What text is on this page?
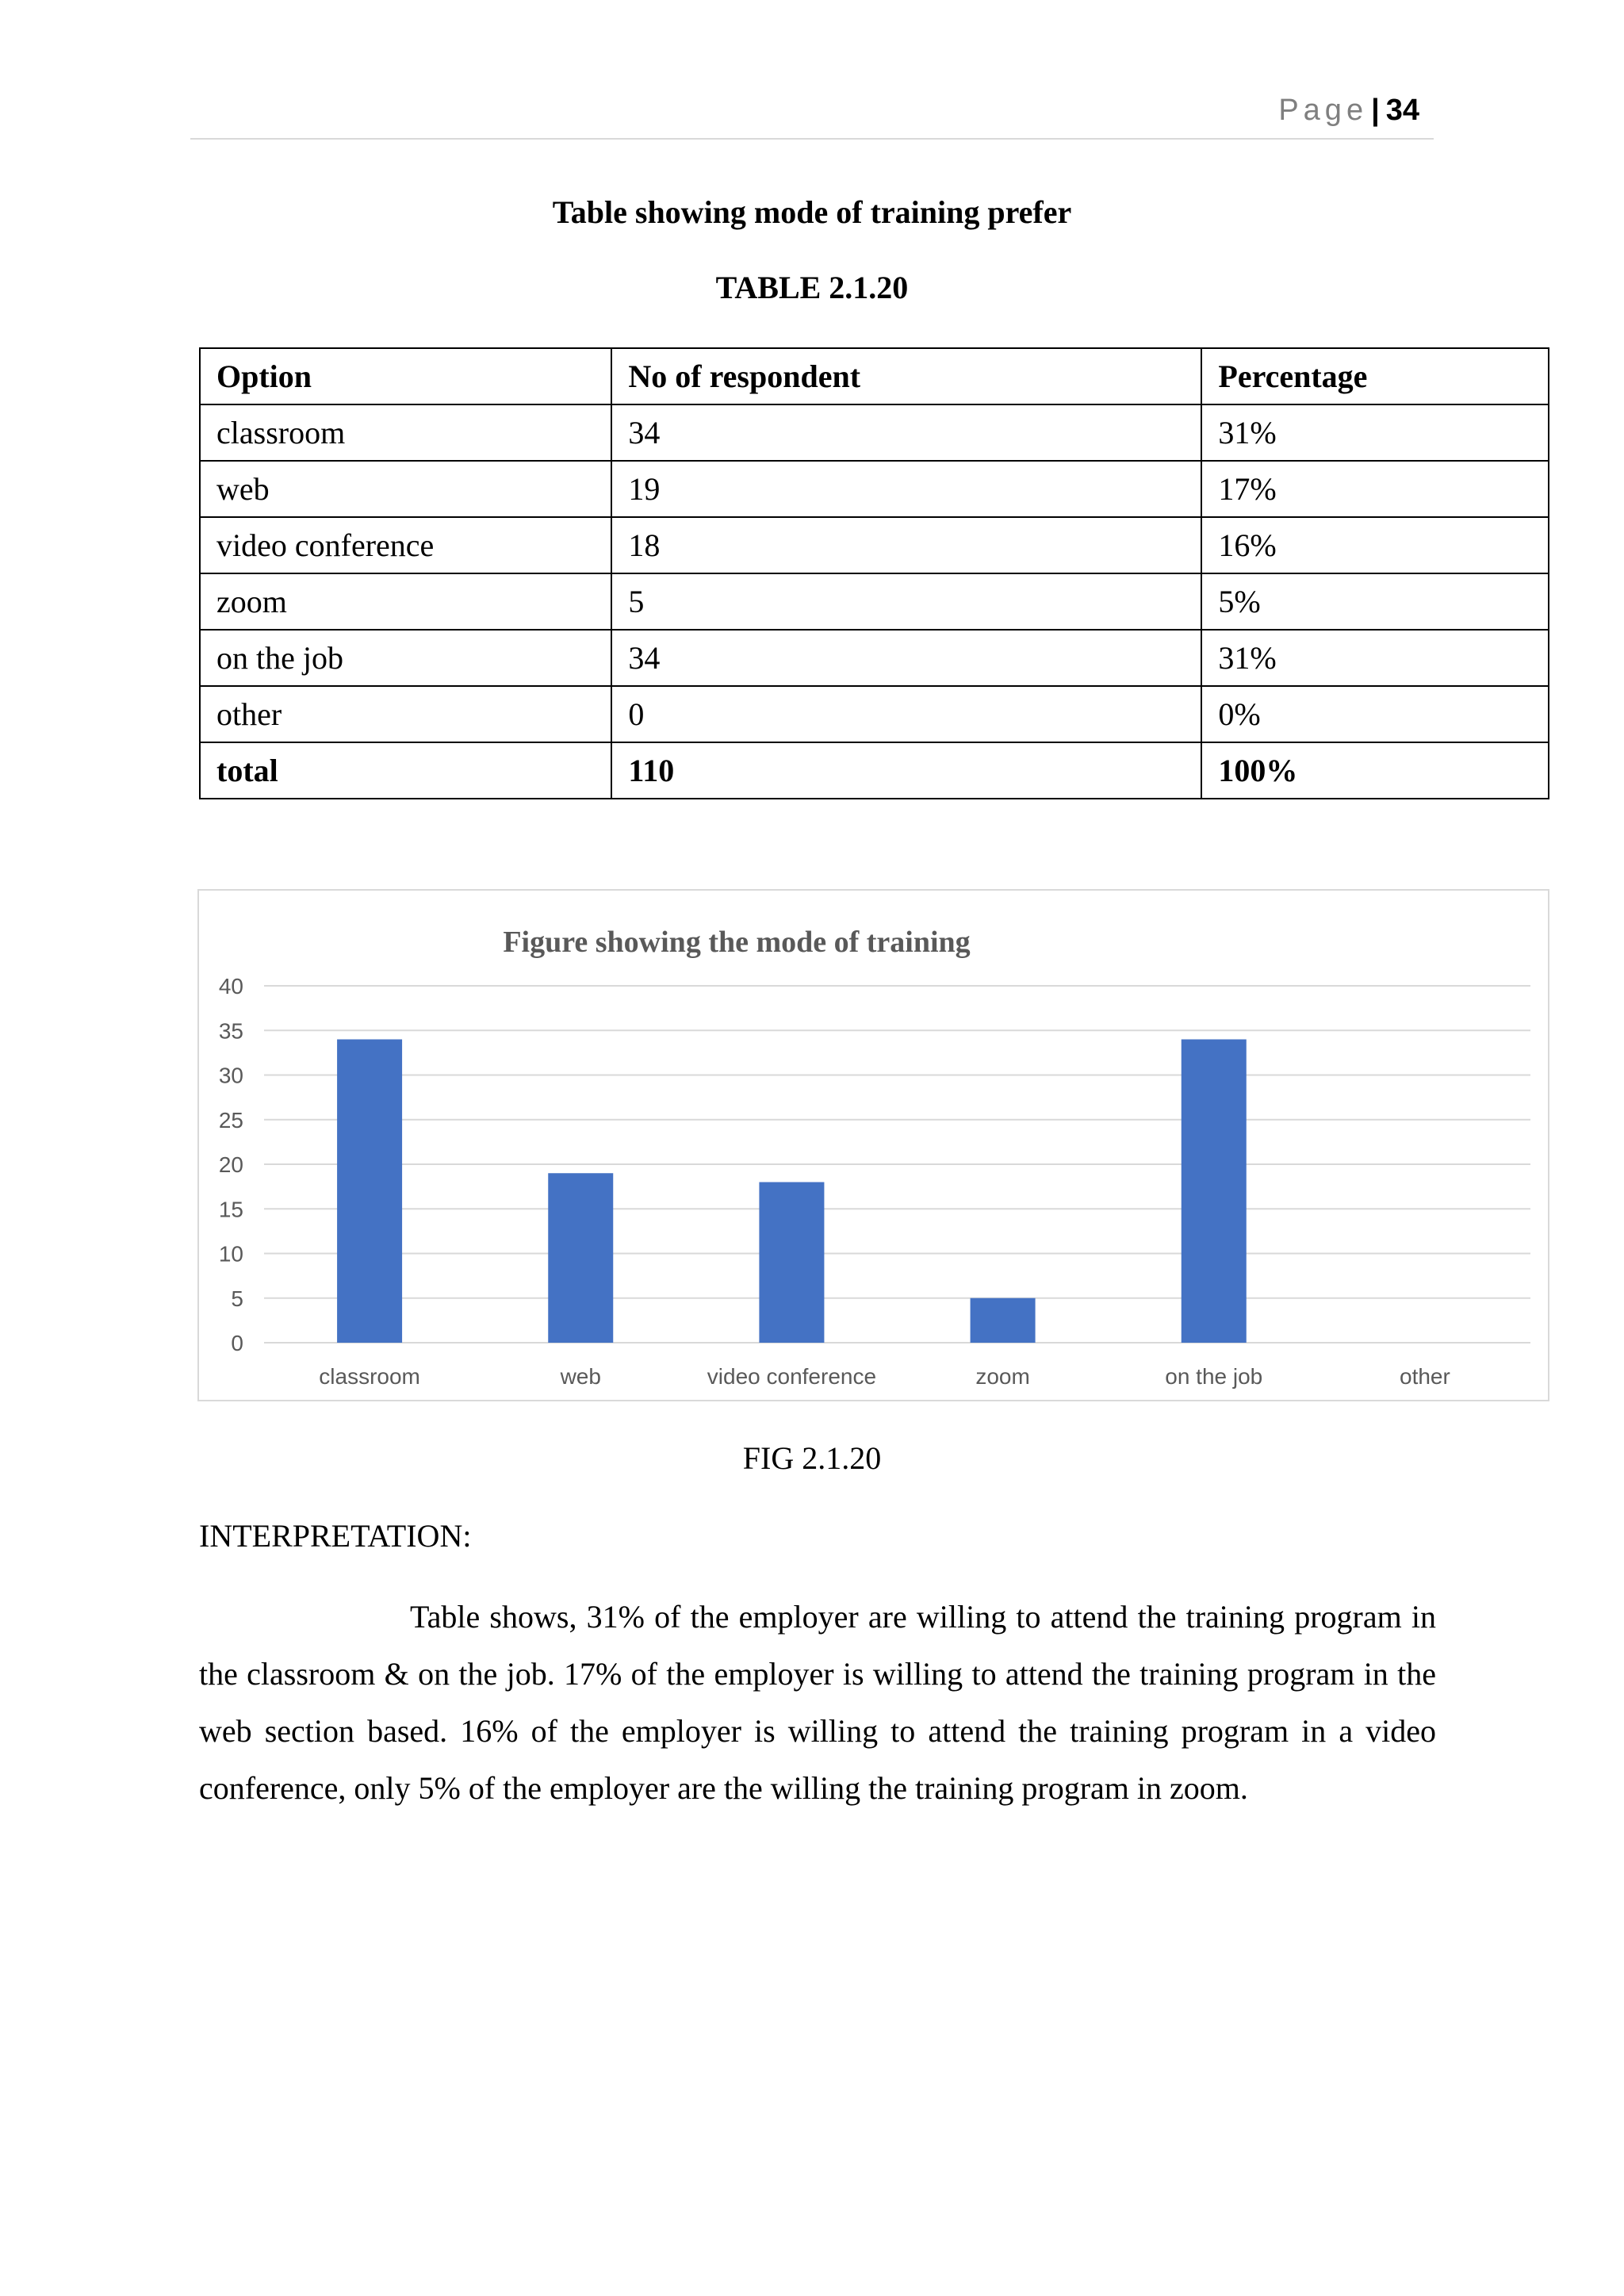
Page | 34
Table showing mode of training prefer
TABLE 2.1.20
Option	No of respondent	Percentage
classroom	34	31%
web	19	17%
video conference	18	16%
zoom	5	5%
on the job	34	31%
other	0	0%
total	110	100%
Figure showing the mode of training
0
5
10
15
20
25
30
35
40
classroom	web	video conference	zoom	on the job	other
FIG 2.1.20
INTERPRETATION:

Table shows, 31% of the employer are willing to attend the training program in the classroom & on the job. 17% of the employer is willing to attend the training program in the web section based. 16% of the employer is willing to attend the training program in a video conference, only 5% of the employer are the willing the training program in zoom.
